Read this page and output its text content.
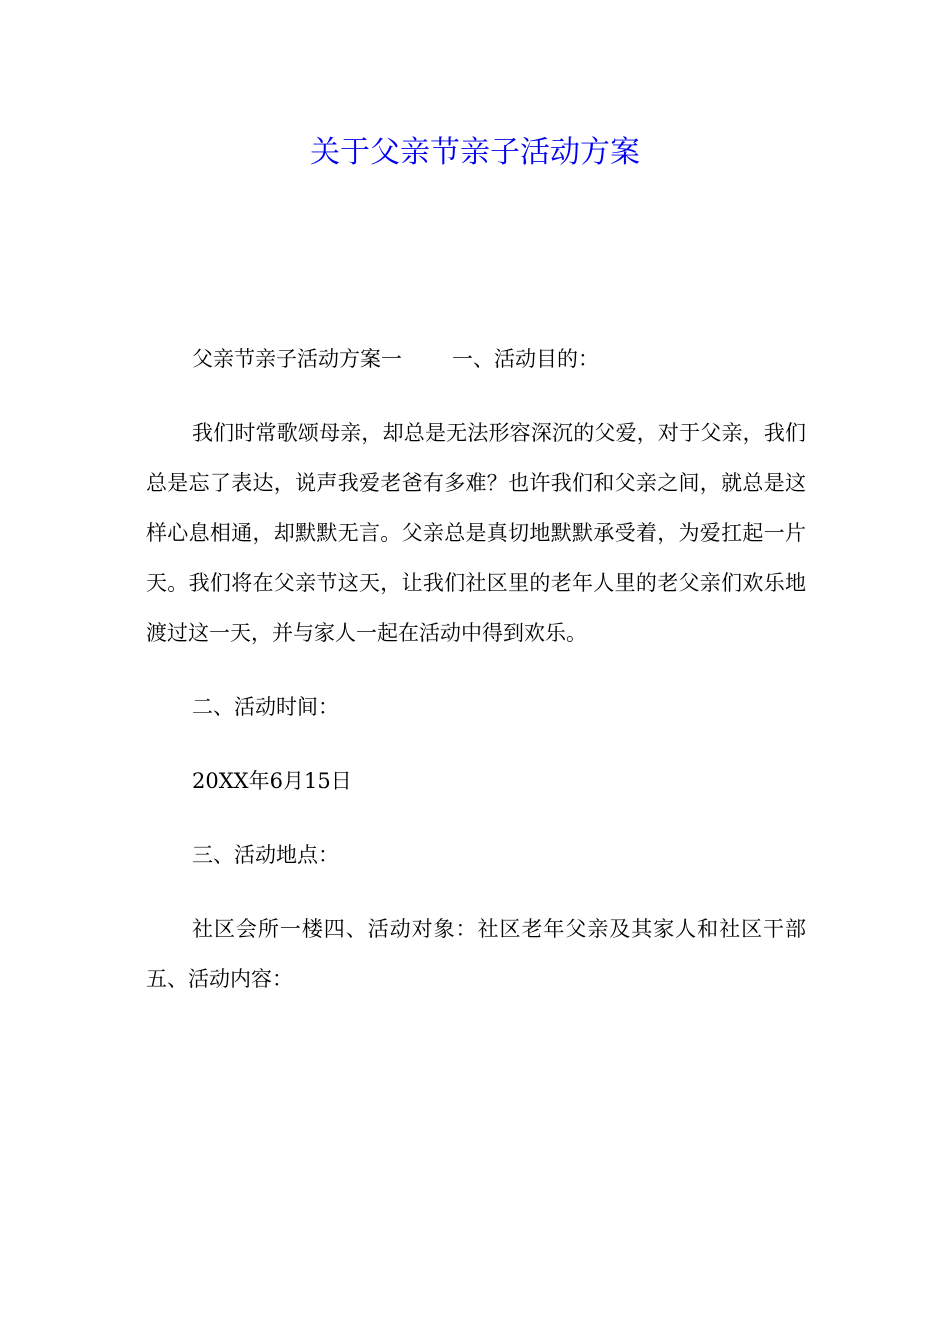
关于父亲节亲子活动方案

父亲节亲子活动方案一 一、活动目的：

我们时常歌颂母亲，却总是无法形容深沉的父爱，对于父亲，我们总是忘了表达，说声我爱老爸有多难？也许我们和父亲之间，就总是这样心息相通，却默默无言。父亲总是真切地默默承受着，为爱扛起一片天。我们将在父亲节这天，让我们社区里的老年人里的老父亲们欢乐地渡过这一天，并与家人一起在活动中得到欢乐。

二、活动时间：

20XX年6月15日

三、活动地点：

社区会所一楼四、活动对象：社区老年父亲及其家人和社区干部五、活动内容：
